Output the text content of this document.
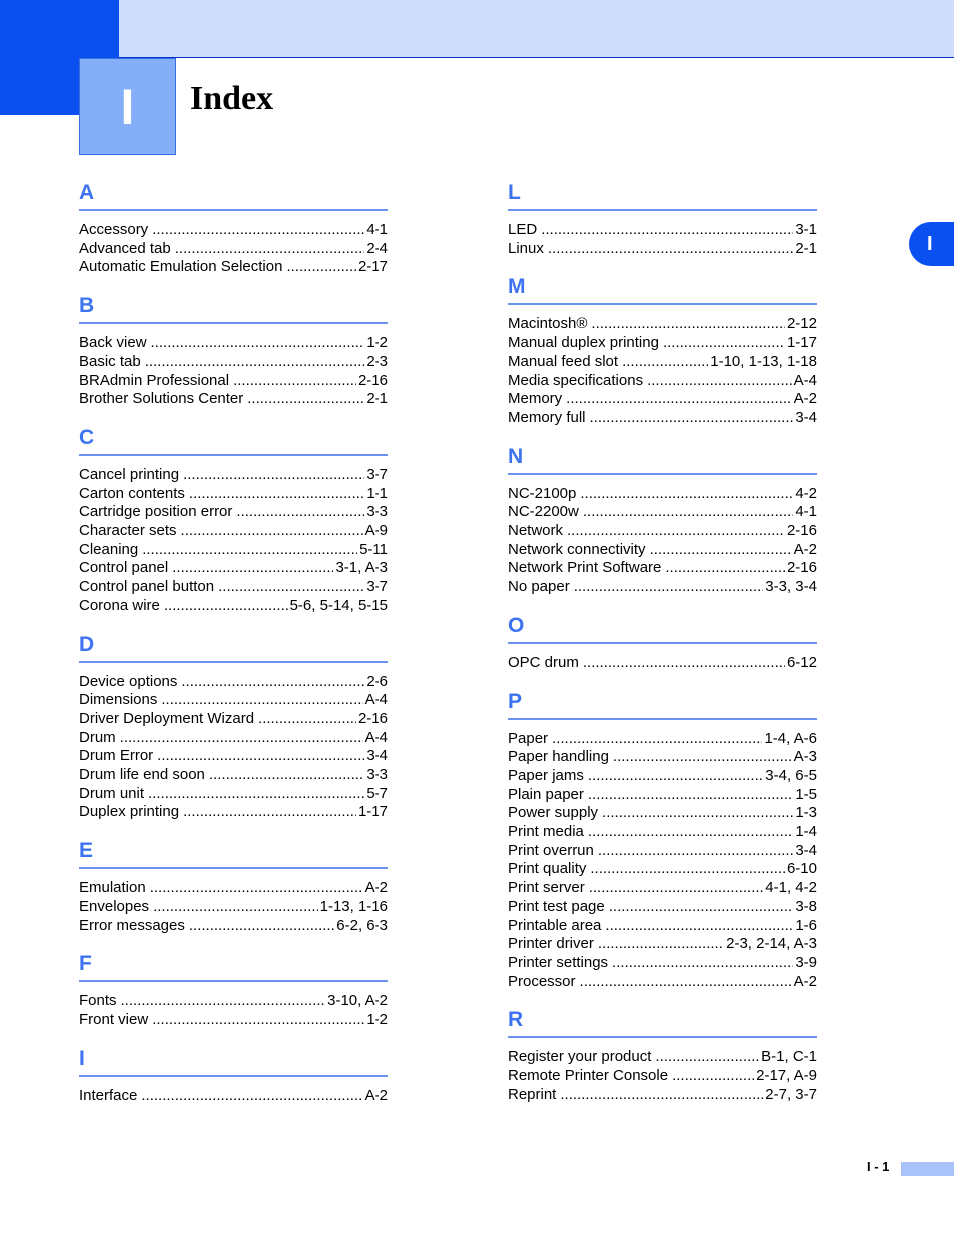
I	Index
I
A
Accessory .....	4-1
Advanced tab .....	2-4
Automatic Emulation Selection .....	2-17
B
Back view .....	1-2
Basic tab .....	2-3
BRAdmin Professional .....	2-16
Brother Solutions Center .....	2-1
C
Cancel printing .....	3-7
Carton contents .....	1-1
Cartridge position error .....	3-3
Character sets .....	A-9
Cleaning .....	5-11
Control panel .....	3-1, A-3
Control panel button .....	3-7
Corona wire .....	5-6, 5-14, 5-15
D
Device options .....	2-6
Dimensions .....	A-4
Driver Deployment Wizard .....	2-16
Drum .....	A-4
Drum Error .....	3-4
Drum life end soon .....	3-3
Drum unit .....	5-7
Duplex printing .....	1-17
E
Emulation .....	A-2
Envelopes .....	1-13, 1-16
Error messages .....	6-2, 6-3
F
Fonts .....	3-10, A-2
Front view .....	1-2
I
Interface .....	A-2
L
LED .....	3-1
Linux .....	2-1
M
Macintosh® .....	2-12
Manual duplex printing .....	1-17
Manual feed slot .....	1-10, 1-13, 1-18
Media specifications .....	A-4
Memory .....	A-2
Memory full .....	3-4
N
NC-2100p .....	4-2
NC-2200w .....	4-1
Network .....	2-16
Network connectivity .....	A-2
Network Print Software .....	2-16
No paper .....	3-3, 3-4
O
OPC drum .....	6-12
P
Paper .....	1-4, A-6
Paper handling .....	A-3
Paper jams .....	3-4, 6-5
Plain paper .....	1-5
Power supply .....	1-3
Print media .....	1-4
Print overrun .....	3-4
Print quality .....	6-10
Print server .....	4-1, 4-2
Print test page .....	3-8
Printable area .....	1-6
Printer driver .....	2-3, 2-14, A-3
Printer settings .....	3-9
Processor .....	A-2
R
Register your product .....	B-1, C-1
Remote Printer Console .....	2-17, A-9
Reprint .....	2-7, 3-7
I - 1
